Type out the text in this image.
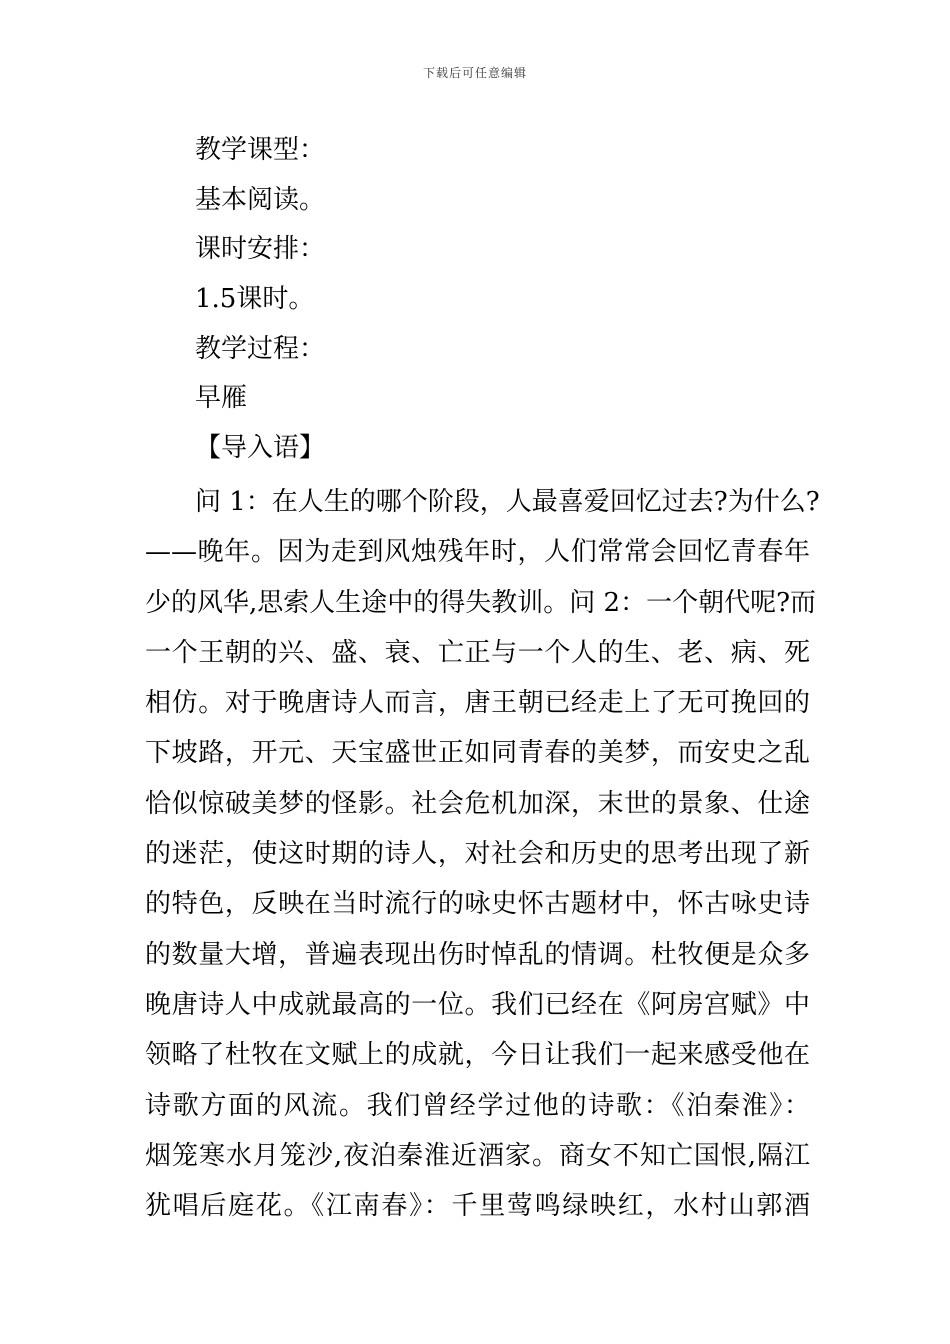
下载后可任意编辑
教学课型：
基本阅读。
课时安排：
1.5课时。
教学过程：
早雁
【导入语】
问 1：在人生的哪个阶段，人最喜爱回忆过去?为什么?
——晚年。因为走到风烛残年时，人们常常会回忆青春年
少的风华,思索人生途中的得失教训。问 2：一个朝代呢?而
一个王朝的兴、盛、衰、亡正与一个人的生、老、病、死
相仿。对于晚唐诗人而言，唐王朝已经走上了无可挽回的
下坡路，开元、天宝盛世正如同青春的美梦，而安史之乱
恰似惊破美梦的怪影。社会危机加深，末世的景象、仕途
的迷茫，使这时期的诗人，对社会和历史的思考出现了新
的特色，反映在当时流行的咏史怀古题材中，怀古咏史诗
的数量大增，普遍表现出伤时悼乱的情调。杜牧便是众多
晚唐诗人中成就最高的一位。我们已经在《阿房宫赋》中
领略了杜牧在文赋上的成就，今日让我们一起来感受他在
诗歌方面的风流。我们曾经学过他的诗歌：《泊秦淮》：
烟笼寒水月笼沙,夜泊秦淮近酒家。商女不知亡国恨,隔江
犹唱后庭花。《江南春》：千里莺鸣绿映红，水村山郭酒
